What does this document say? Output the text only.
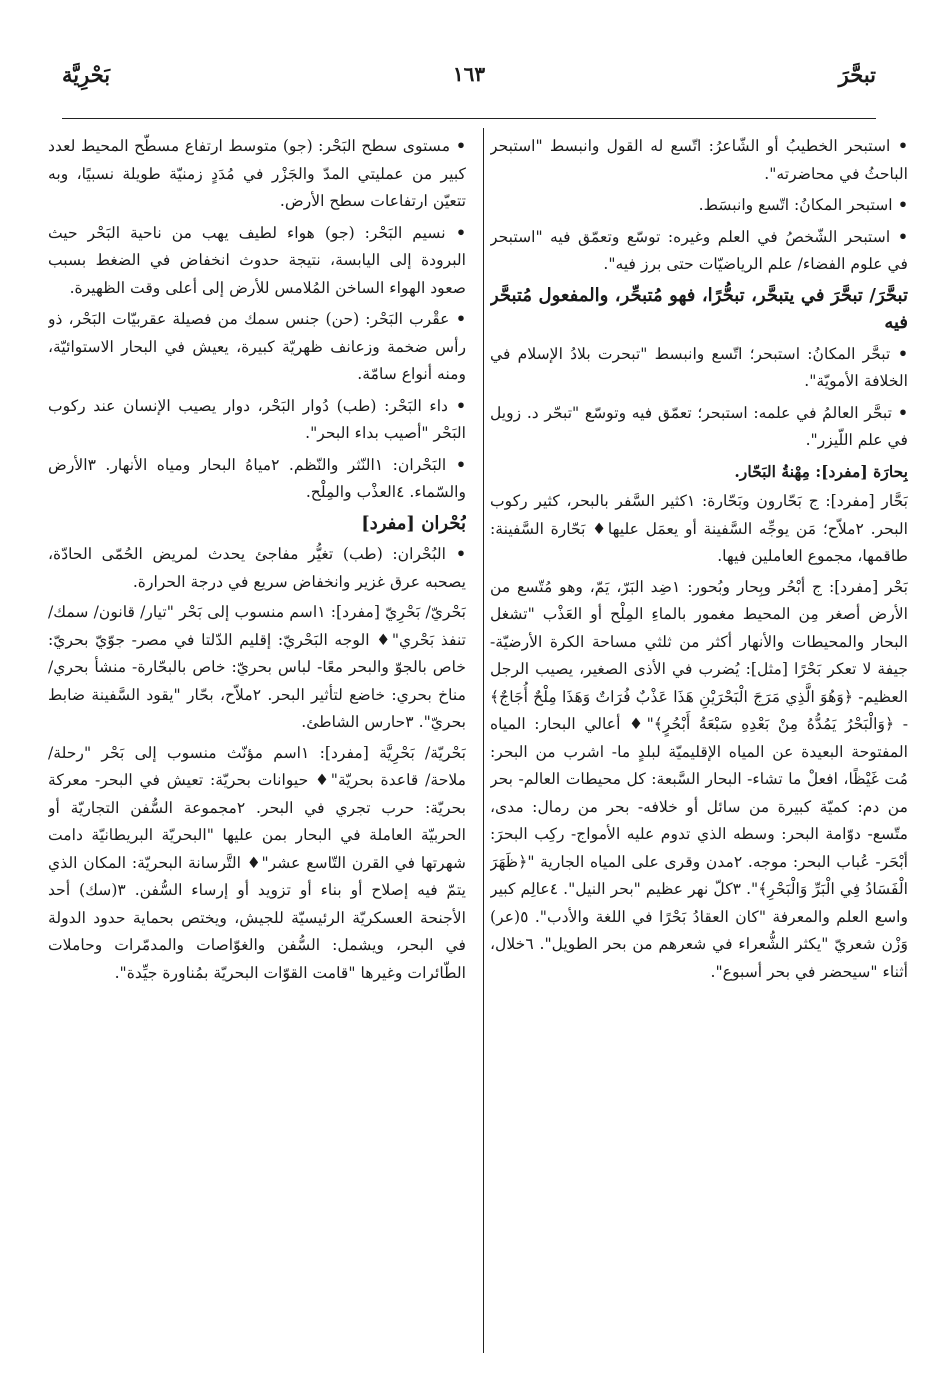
تبحَّرَ
١٦٣
بَحْرِيَّة

• استبحر الخطيبُ أو الشّاعرُ: اتّسع له القول وانبسط "استبحر الباحثُ في محاضرته".

• استبحر المكانُ: اتّسع وانبسَط.

• استبحر الشّخصُ في العلم وغيره: توسّع وتعمّق فيه "استبحر في علوم الفضاء/ علم الرياضيّات حتى برز فيه".

تبحَّرَ/ تبحَّرَ في يتبحَّر، تبحُّرًا، فهو مُتبحِّر، والمفعول مُتبحَّر فيه

• تبحَّر المكانُ: استبحر؛ اتّسع وانبسط "تبحرت بلادُ الإسلام في الخلافة الأمويّة".

• تبحَّر العالمُ في علمه: استبحر؛ تعمّق فيه وتوسّع "تبحّر د. زويل في علم اللّيزر".

بِحارَة [مفرد]: مِهْنةُ البَحّار.

بَحَّار [مفرد]: ج بَحّارون وبَحّارة: ١كثير السَّفر بالبحر، كثير ركوب البحر. ٢ملاّح؛ مَن يوجِّه السَّفينة أو يعمَل عليها♦ بَحّارة السَّفينة: طاقمها، مجموع العاملين فيها.

بَحْر [مفرد]: ج أبْحُر وبِحار وبُحور: ١ضِد البَرّ، يَمّ، وهو مُتّسع من الأرض أصغر مِن المحيط مغمور بالماءِ المِلْح أو العَذْب "تشغل البحار والمحيطات والأنهار أكثر من ثلثي مساحة الكرة الأرضيّة- جيفة لا تعكر بَحْرًا [مثل]: يُضرب في الأذى الصغير، يصيب الرجل العظيم- ﴿وَهُوَ الَّذِي مَرَجَ الْبَحْرَيْنِ هَذَا عَذْبٌ فُرَاتٌ وَهَذَا مِلْحٌ أُجَاجٌ﴾ - ﴿وَالْبَحْرُ يَمُدُّهُ مِنْ بَعْدِهِ سَبْعَةُ أَبْحُرٍ﴾"♦ أعالي البحار: المياه المفتوحة البعيدة عن المياه الإقليميّة لبلدٍ ما- اشرب من البحر: مُت غَيْظًا، افعلْ ما تشاء- البحار السَّبعة: كل محيطات العالم- بحر من دم: كميّة كبيرة من سائل أو خلافه- بحر من رمال: مدى، متّسع- دوّامة البحر: وسطه الذي تدوم عليه الأمواج- ركِب البحرَ: أبْحَر- عُباب البحر: موجه. ٢مدن وقرى على المياه الجارية "﴿ظَهَرَ الْفَسَادُ فِي الْبَرِّ وَالْبَحْرِ﴾". ٣كلّ نهر عظيم "بحر النيل". ٤عالِم كبير واسع العلم والمعرفة "كان العقادُ بَحْرًا في اللغة والأدب". ٥(عر) وَزْن شعريّ "يكثر الشُّعراء في شعرهم من بحر الطويل". ٦خلال، أثناء "سيحضر في بحر أسبوع".

• مستوى سطح البَحْر: (جو) متوسط ارتفاع مسطّح المحيط لعدد كبير من عمليتي المدّ والجَزْر في مُدَدٍ زمنيّة طويلة نسبيًا، وبه تتعيّن ارتفاعات سطح الأرض.

• نسيم البَحْر: (جو) هواء لطيف يهب من ناحية البَحْر حيث البرودة إلى اليابسة، نتيجة حدوث انخفاض في الضغط بسبب صعود الهواء الساخن المُلامس للأرض إلى أعلى وقت الظهيرة.

• عقْرب البَحْر: (حن) جنس سمك من فصيلة عقربيّات البَحْر، ذو رأس ضخمة وزعانف ظهريّة كبيرة، يعيش في البحار الاستوائيّة، ومنه أنواع سامّة.

• داء البَحْر: (طب) دُوار البَحْر، دوار يصيب الإنسان عند ركوب البَحْر "أصيب بداء البحر".

• البَحْران: ١النّثر والنّظم. ٢مياهُ البحار ومياه الأنهار. ٣الأرض والسّماء. ٤العذْب والمِلْح.

بُحْران [مفرد]

• البُحْران: (طب) تغيُّر مفاجئ يحدث لمريض الحُمّى الحادّة، يصحبه عرق غزير وانخفاض سريع في درجة الحرارة.

بَحْريّ/ بَحْرِيّ [مفرد]: ١اسم منسوب إلى بَحْر "تيار/ قانون/ سمك/ تنفذ بَحْري"♦ الوجه البَحْريّ: إقليم الدّلتا في مصر- جوّيّ بحريّ: خاص بالجوّ والبحر معًا- لباس بحريّ: خاص بالبحّارة- منشأ بحري/ مناخ بحري: خاضع لتأثير البحر. ٢ملاّح، بحّار "يقود السَّفينة ضابط بحريّ". ٣حارس الشاطئ.

بَحْريّة/ بَحْرِيَّة [مفرد]: ١اسم مؤنّث منسوب إلى بَحْر "رحلة/ ملاحة/ قاعدة بحريّة"♦ حيوانات بحريّة: تعيش في البحر- معركة بحريّة: حرب تجري في البحر. ٢مجموعة السُّفن التجاريّة أو الحربيّة العاملة في البحار بمن عليها "البحريّة البريطانيّة دامت شهرتها في القرن التّاسع عشر"♦ التَّرسانة البحريّة: المكان الذي يتمّ فيه إصلاح أو بناء أو تزويد أو إرساء السُّفن. ٣(سك) أحد الأجنحة العسكريّة الرئيسيّة للجيش، ويختص بحماية حدود الدولة في البحر، ويشمل: السُّفن والغوّاصات والمدمّرات وحاملات الطّائرات وغيرها "قامت القوّات البحريّة بمُناورة جيِّدة".
